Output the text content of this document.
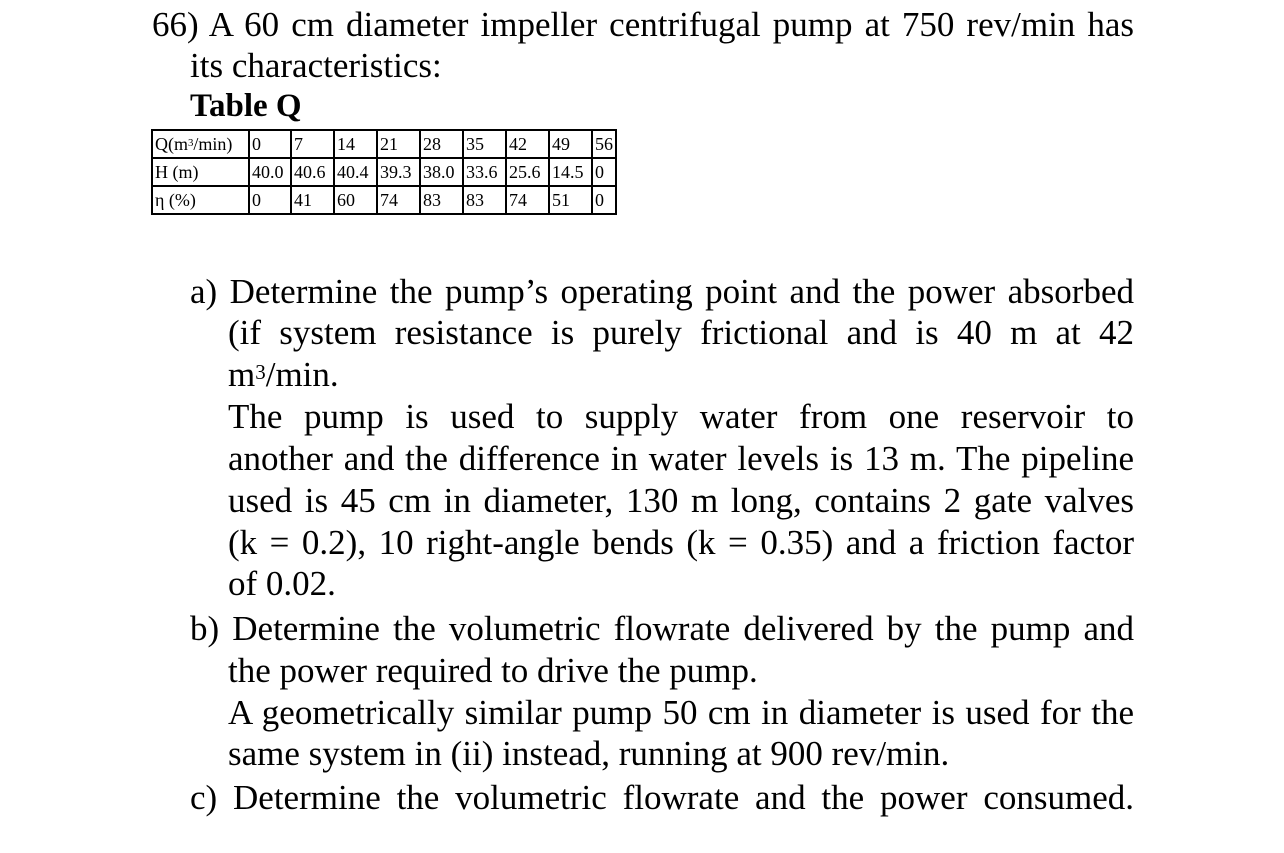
66) A 60 cm diameter impeller centrifugal pump at 750 rev/min has
its characteristics:
Table Q
$Q(m^3/\min)$	0	7	14	21	28	35	42	49	56
H (m)	40.0	40.6	40.4	39.3	38.0	33.6	25.6	14.5	0
η (%)	0	41	60	74	83	83	74	51	0
a) Determine the pump’s operating point and the power absorbed
(if system resistance is purely frictional and is 40 m at 42
$m^3/\min$.
The pump is used to supply water from one reservoir to
another and the difference in water levels is 13 m. The pipeline
used is 45 cm in diameter, 130 m long, contains 2 gate valves
(k = 0.2), 10 right-angle bends (k = 0.35) and a friction factor
of 0.02.
b) Determine the volumetric flowrate delivered by the pump and
the power required to drive the pump.
A geometrically similar pump 50 cm in diameter is used for the
same system in (ii) instead, running at 900 rev/min.
c) Determine the volumetric flowrate and the power consumed.
